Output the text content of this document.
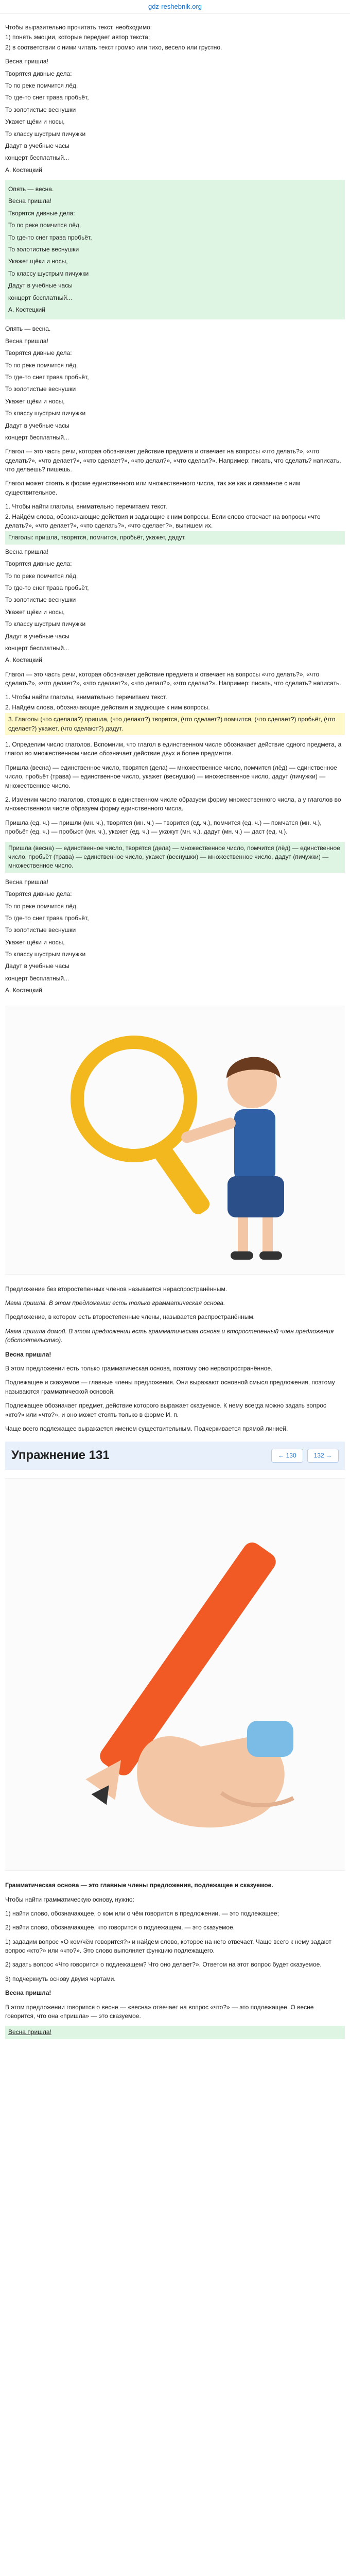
gdz-reshebnik.org
Чтобы выразительно прочитать текст, необходимо:
1) понять эмоции, которые передает автор текста;
2) в соответствии с ними читать текст громко или тихо, весело или грустно.
Весна пришла!
Творятся дивные дела:
То по реке помчится лёд,
То где-то снег трава пробьёт,
То золотистые веснушки
Укажет щёки и носы,
То классу шустрым пичужки
Дадут в учебные часы
концерт бесплатный...
А. Костецкий
Опять — весна.
Весна пришла!
Творятся дивные дела:
То по реке помчится лёд,
То где-то снег трава пробьёт,
То золотистые веснушки
Укажет щёки и носы,
То классу шустрым пичужки
Дадут в учебные часы
концерт бесплатный...
А. Костецкий
Опять — весна.
Весна пришла!
Творятся дивные дела:
То по реке помчится лёд,
То где-то снег трава пробьёт,
То золотистые веснушки
Укажет щёки и носы,
То классу шустрым пичужки
Дадут в учебные часы
концерт бесплатный...
Глагол — это часть речи, которая обозначает действие предмета и отвечает на вопросы «что делать?», «что сделать?», «что делает?», «что сделает?», «что делал?», «что сделал?». Например: писать, что сделать? написать, что делаешь? пишешь.
Глагол может стоять в форме единственного или множественного числа, так же как и связанное с ним существительное.
1. Чтобы найти глаголы, внимательно перечитаем текст.
2. Найдём слова, обозначающие действия и задающие к ним вопросы. Если слово отвечает на вопросы «что делать?», «что делает?», «что сделать?», «что сделает?», выпишем их.
Глаголы: пришла, творятся, помчится, пробьёт, укажет, дадут.
Весна пришла!
Творятся дивные дела:
То по реке помчится лёд,
То где-то снег трава пробьёт,
То золотистые веснушки
Укажет щёки и носы,
То классу шустрым пичужки
Дадут в учебные часы
концерт бесплатный...
А. Костецкий
Глагол — это часть речи, которая обозначает действие предмета и отвечает на вопросы «что делать?», «что сделать?», «что делает?», «что сделает?», «что делал?», «что сделал?». Например: писать, что сделать? написать.
1. Чтобы найти глаголы, внимательно перечитаем текст.
2. Найдём слова, обозначающие действия и задающие к ним вопросы.
3. Глаголы (что сделала?) пришла, (что делают?) творятся, (что сделает?) помчится, (что сделает?) пробьёт, (что сделает?) укажет, (что сделают?) дадут.
1. Определим число глаголов. Вспомним, что глагол в единственном числе обозначает действие одного предмета, а глагол во множественном числе обозначает действие двух и более предметов.
Пришла (весна) — единственное число, творятся (дела) — множественное число, помчится (лёд) — единственное число, пробьёт (трава) — единственное число, укажет (веснушки) — множественное число, дадут (пичужки) — множественное число.
2. Изменим число глаголов, стоящих в единственном числе образуем форму множественного числа, а у глаголов во множественном числе образуем форму единственного числа.
Пришла (ед. ч.) — пришли (мн. ч.), творятся (мн. ч.) — творится (ед. ч.), помчится (ед. ч.) — помчатся (мн. ч.), пробьёт (ед. ч.) — пробьют (мн. ч.), укажет (ед. ч.) — укажут (мн. ч.), дадут (мн. ч.) — даст (ед. ч.).
Пришла (весна) — единственное число, творятся (дела) — множественное число, помчится (лёд) — единственное число, пробьёт (трава) — единственное число, укажет (веснушки) — множественное число, дадут (пичужки) — множественное число.
Весна пришла!
Творятся дивные дела:
То по реке помчится лёд,
То где-то снег трава пробьёт,
То золотистые веснушки
Укажет щёки и носы,
То классу шустрым пичужки
Дадут в учебные часы
концерт бесплатный...
А. Костецкий
Предложение без второстепенных членов называется нераспространённым.
Мама пришла. В этом предложении есть только грамматическая основа.
Предложение, в котором есть второстепенные члены, называется распространённым.
Мама пришла домой. В этом предложении есть грамматическая основа и второстепенный член предложения (обстоятельство).
Весна пришла!
В этом предложении есть только грамматическая основа, поэтому оно нераспространённое.
Подлежащее и сказуемое — главные члены предложения. Они выражают основной смысл предложения, поэтому называются грамматической основой.
Подлежащее обозначает предмет, действие которого выражает сказуемое. К нему всегда можно задать вопрос «кто?» или «что?», и оно может стоять только в форме И. п.
Чаще всего подлежащее выражается именем существительным. Подчеркивается прямой линией.
Упражнение 131	← 130	132 →
Грамматическая основа — это главные члены предложения, подлежащее и сказуемое.
Чтобы найти грамматическую основу, нужно:
1) найти слово, обозначающее, о ком или о чём говорится в предложении, — это подлежащее;
2) найти слово, обозначающее, что говорится о подлежащем, — это сказуемое.
1) зададим вопрос «О ком/чём говорится?» и найдем слово, которое на него отвечает. Чаще всего к нему задают вопрос «кто?» или «что?». Это слово выполняет функцию подлежащего.
2) задать вопрос «Что говорится о подлежащем? Что оно делает?». Ответом на этот вопрос будет сказуемое.
3) подчеркнуть основу двумя чертами.
Весна пришла!
В этом предложении говорится о весне — «весна» отвечает на вопрос «что?» — это подлежащее. О весне говорится, что она «пришла» — это сказуемое.
Весна пришла!
